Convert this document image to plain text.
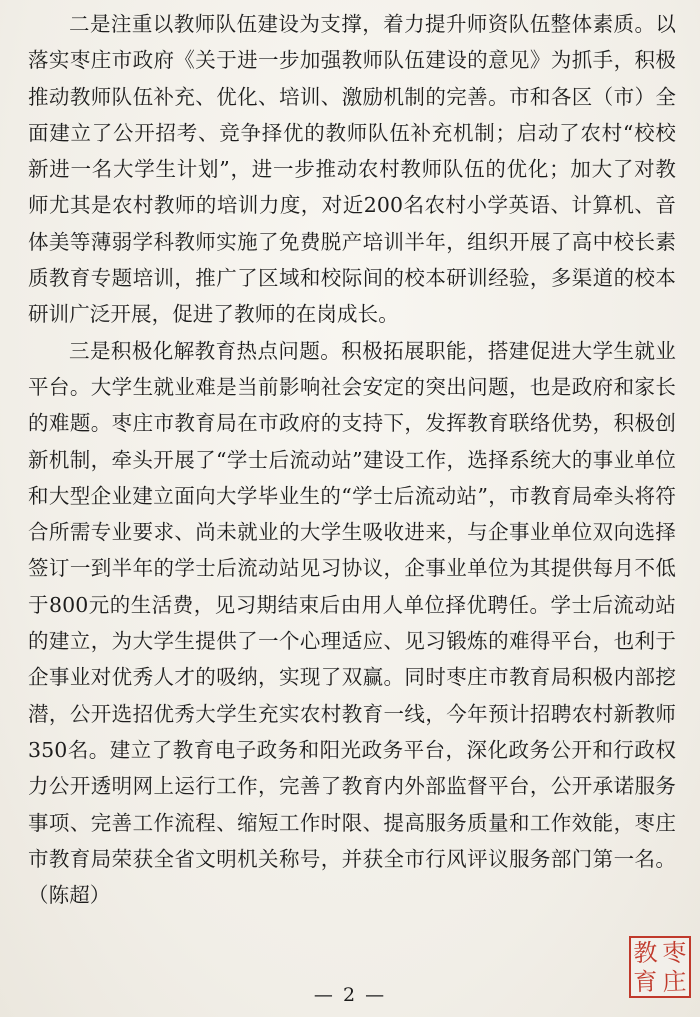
二是注重以教师队伍建设为支撑，着力提升师资队伍整体素质。以落实枣庄市政府《关于进一步加强教师队伍建设的意见》为抓手，积极推动教师队伍补充、优化、培训、激励机制的完善。市和各区（市）全面建立了公开招考、竞争择优的教师队伍补充机制；启动了农村“校校新进一名大学生计划”，进一步推动农村教师队伍的优化；加大了对教师尤其是农村教师的培训力度，对近200名农村小学英语、计算机、音体美等薄弱学科教师实施了免费脱产培训半年，组织开展了高中校长素质教育专题培训，推广了区域和校际间的校本研训经验，多渠道的校本研训广泛开展，促进了教师的在岗成长。

三是积极化解教育热点问题。积极拓展职能，搭建促进大学生就业平台。大学生就业难是当前影响社会安定的突出问题，也是政府和家长的难题。枣庄市教育局在市政府的支持下，发挥教育联络优势，积极创新机制，牵头开展了“学士后流动站”建设工作，选择系统大的事业单位和大型企业建立面向大学毕业生的“学士后流动站”，市教育局牵头将符合所需专业要求、尚未就业的大学生吸收进来，与企事业单位双向选择签订一到半年的学士后流动站见习协议，企事业单位为其提供每月不低于800元的生活费，见习期结束后由用人单位择优聘任。学士后流动站的建立，为大学生提供了一个心理适应、见习锻炼的难得平台，也利于企事业对优秀人才的吸纳，实现了双赢。同时枣庄市教育局积极内部挖潜，公开选招优秀大学生充实农村教育一线，今年预计招聘农村新教师350名。建立了教育电子政务和阳光政务平台，深化政务公开和行政权力公开透明网上运行工作，完善了教育内外部监督平台，公开承诺服务事项、完善工作流程、缩短工作时限、提高服务质量和工作效能，枣庄市教育局荣获全省文明机关称号，并获全市行风评议服务部门第一名。（陈超）

— 2 —
教 枣
育 庄
